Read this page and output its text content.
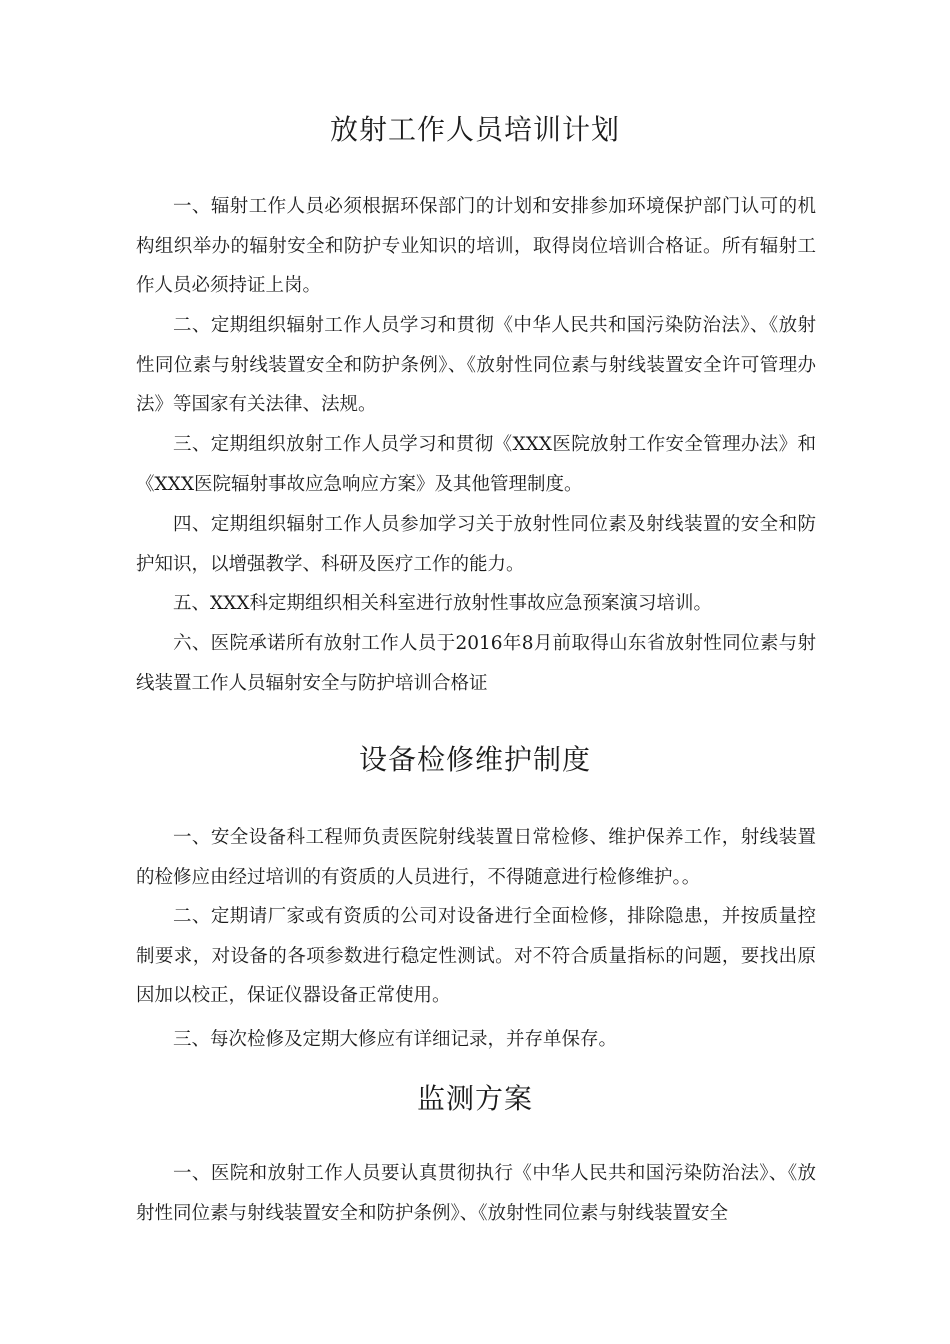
放射工作人员培训计划

一、辐射工作人员必须根据环保部门的计划和安排参加环境保护部门认可的机构组织举办的辐射安全和防护专业知识的培训，取得岗位培训合格证。所有辐射工作人员必须持证上岗。

二、定期组织辐射工作人员学习和贯彻《中华人民共和国污染防治法》、《放射性同位素与射线装置安全和防护条例》、《放射性同位素与射线装置安全许可管理办法》等国家有关法律、法规。

三、定期组织放射工作人员学习和贯彻《XXX医院放射工作安全管理办法》和《XXX医院辐射事故应急响应方案》及其他管理制度。

四、定期组织辐射工作人员参加学习关于放射性同位素及射线装置的安全和防护知识，以增强教学、科研及医疗工作的能力。

五、XXX科定期组织相关科室进行放射性事故应急预案演习培训。

六、医院承诺所有放射工作人员于2016年8月前取得山东省放射性同位素与射线装置工作人员辐射安全与防护培训合格证

设备检修维护制度

一、安全设备科工程师负责医院射线装置日常检修、维护保养工作，射线装置的检修应由经过培训的有资质的人员进行，不得随意进行检修维护。。

二、定期请厂家或有资质的公司对设备进行全面检修，排除隐患，并按质量控制要求，对设备的各项参数进行稳定性测试。对不符合质量指标的问题，要找出原因加以校正，保证仪器设备正常使用。

三、每次检修及定期大修应有详细记录，并存单保存。

监测方案

一、医院和放射工作人员要认真贯彻执行《中华人民共和国污染防治法》、《放射性同位素与射线装置安全和防护条例》、《放射性同位素与射线装置安全
